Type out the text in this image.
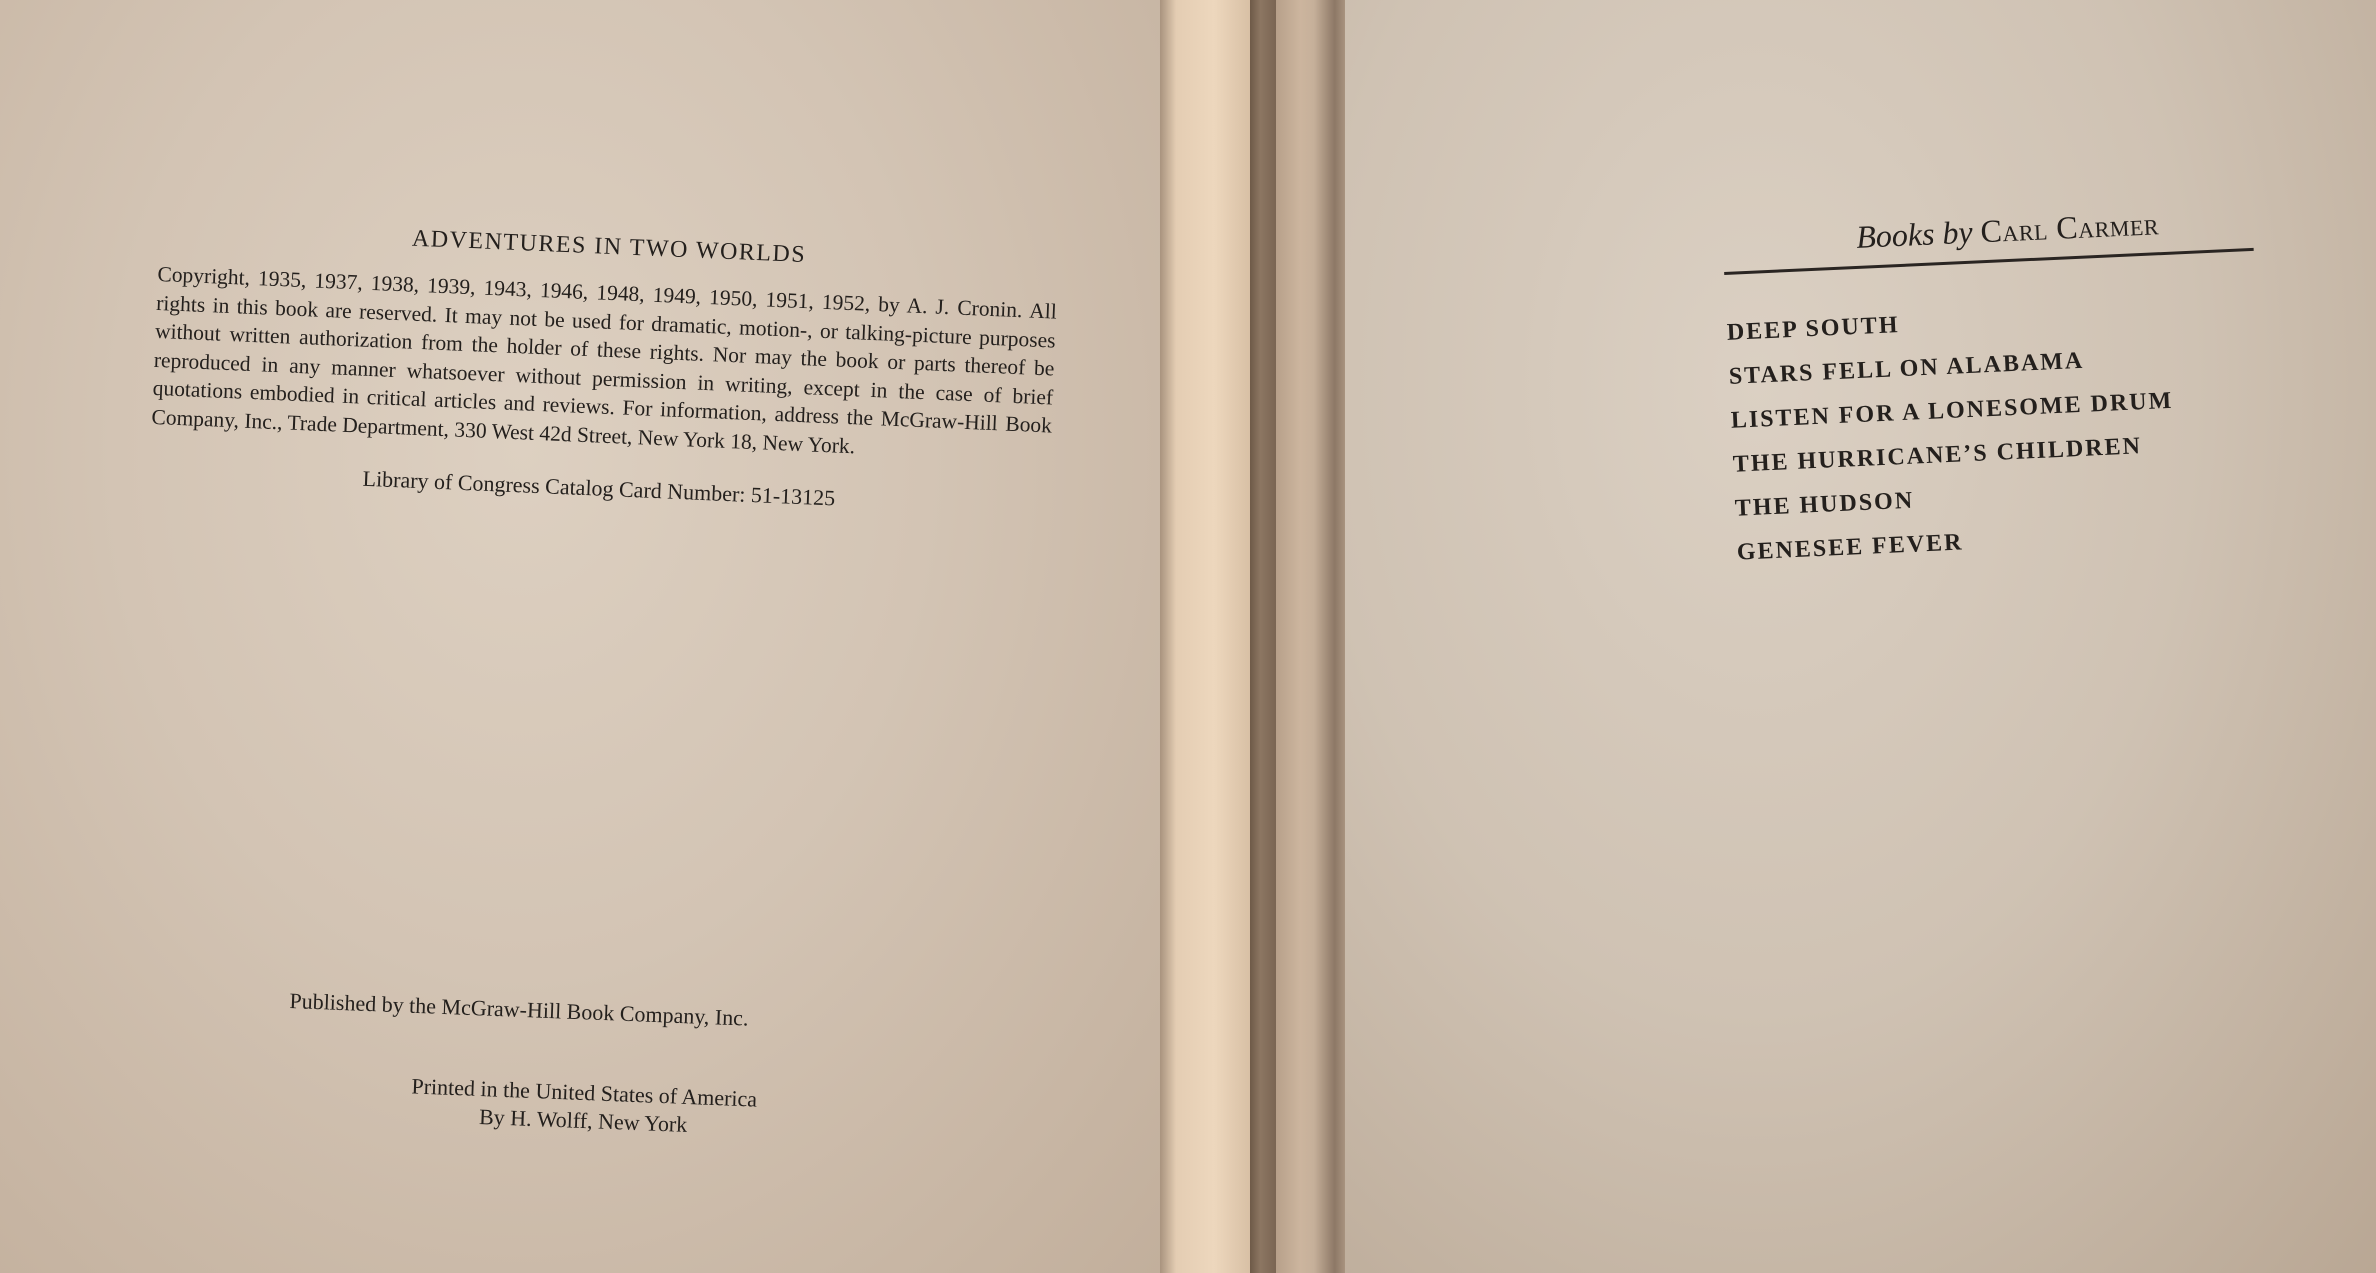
ADVENTURES IN TWO WORLDS

Copyright, 1935, 1937, 1938, 1939, 1943, 1946, 1948, 1949, 1950, 1951, 1952, by A. J. Cronin. All rights in this book are reserved. It may not be used for dramatic, motion-, or talking-picture purposes without written authorization from the holder of these rights. Nor may the book or parts thereof be reproduced in any manner whatsoever without permission in writing, except in the case of brief quotations embodied in critical articles and reviews. For information, address the McGraw-Hill Book Company, Inc., Trade Department, 330 West 42d Street, New York 18, New York.

Library of Congress Catalog Card Number: 51-13125

Published by the McGraw-Hill Book Company, Inc.

Printed in the United States of America
By H. Wolff, New York
Books by Carl Carmer
DEEP SOUTH
STARS FELL ON ALABAMA
LISTEN FOR A LONESOME DRUM
THE HURRICANE’S CHILDREN
THE HUDSON
GENESEE FEVER
